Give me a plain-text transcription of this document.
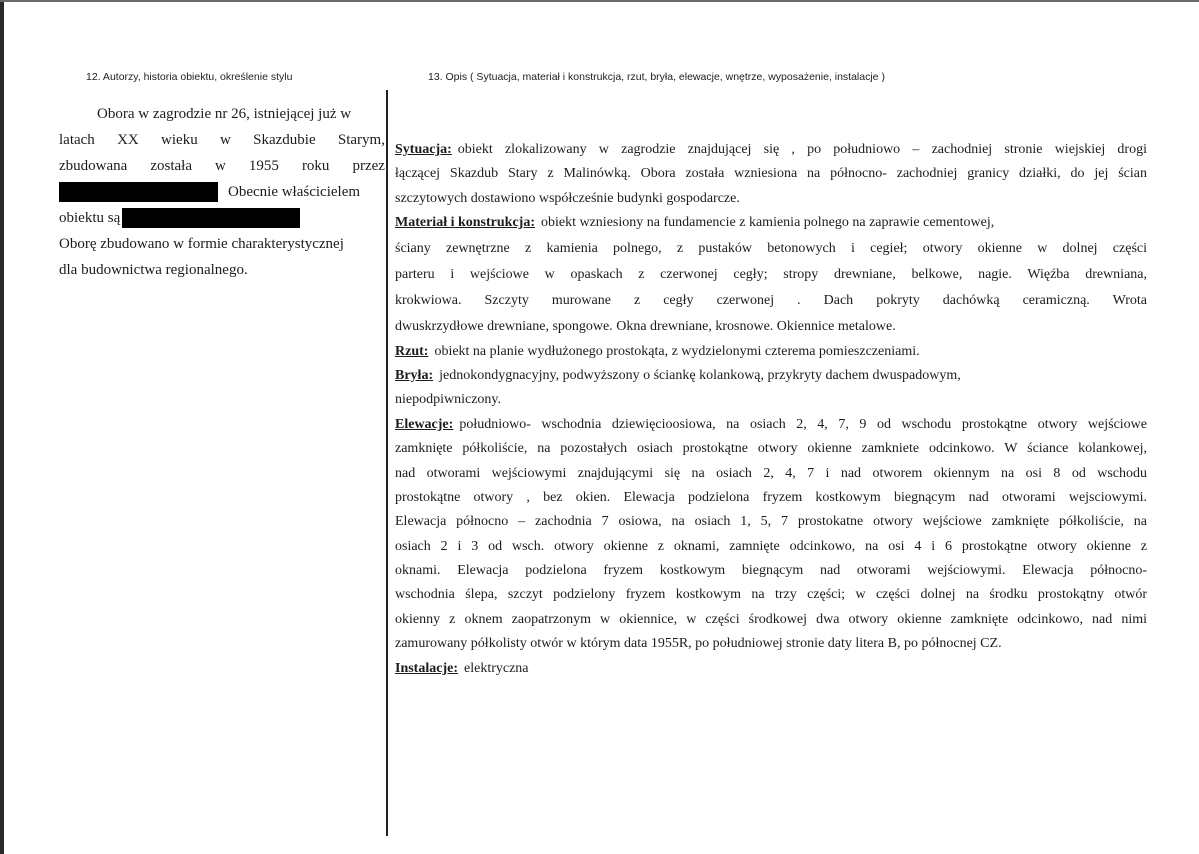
12. Autorzy, historia obiektu, określenie stylu	13. Opis ( Sytuacja, materiał i konstrukcja, rzut, bryła, elewacje, wnętrze, wyposażenie, instalacje )
Obora w zagrodzie nr 26, istniejącej już w
latach XX wieku w Skazdubie Starym,
zbudowana została w 1955 roku przez
Obecnie właścicielem
obiektu są
Oborę zbudowano w formie charakterystycznej
dla budownictwa regionalnego.
Sytuacja: obiekt zlokalizowany w zagrodzie znajdującej się , po południowo – zachodniej stronie wiejskiej drogi
łączącej Skazdub Stary z Malinówką. Obora została wzniesiona na północno- zachodniej granicy działki, do jej ścian
szczytowych dostawiono współcześnie budynki gospodarcze.
Materiał i konstrukcja: obiekt wzniesiony na fundamencie z kamienia polnego na zaprawie cementowej,
ściany zewnętrzne z kamienia polnego, z pustaków betonowych i cegieł; otwory okienne w dolnej części
parteru i wejściowe w opaskach z czerwonej cegły; stropy drewniane, belkowe, nagie. Więźba drewniana,
krokwiowa. Szczyty murowane z cegły czerwonej . Dach pokryty dachówką ceramiczną. Wrota
dwuskrzydłowe drewniane, spongowe. Okna drewniane, krosnowe. Okiennice metalowe.
Rzut: obiekt na planie wydłużonego prostokąta, z wydzielonymi czterema pomieszczeniami.
Bryła: jednokondygnacyjny, podwyższony o ściankę kolankową, przykryty dachem dwuspadowym,
niepodpiwniczony.
Elewacje: południowo- wschodnia dziewięcioosiowa, na osiach 2, 4, 7, 9 od wschodu prostokątne otwory wejściowe
zamknięte półkoliście, na pozostałych osiach prostokątne otwory okienne zamkniete odcinkowo. W ściance kolankowej,
nad otworami wejściowymi znajdującymi się na osiach 2, 4, 7 i nad otworem okiennym na osi 8 od wschodu
prostokątne otwory , bez okien. Elewacja podzielona fryzem kostkowym biegnącym nad otworami wejsciowymi.
Elewacja północno – zachodnia 7 osiowa, na osiach 1, 5, 7 prostokatne otwory wejściowe zamknięte półkoliście, na
osiach 2 i 3 od wsch. otwory okienne z oknami, zamnięte odcinkowo, na osi 4 i 6 prostokątne otwory okienne z
oknami. Elewacja podzielona fryzem kostkowym biegnącym nad otworami wejściowymi. Elewacja północno-
wschodnia ślepa, szczyt podzielony fryzem kostkowym na trzy części; w części dolnej na środku prostokątny otwór
okienny z oknem zaopatrzonym w okiennice, w części środkowej dwa otwory okienne zamknięte odcinkowo, nad nimi
zamurowany półkolisty otwór w którym data 1955R, po południowej stronie daty litera B, po północnej CZ.
Instalacje: elektryczna
